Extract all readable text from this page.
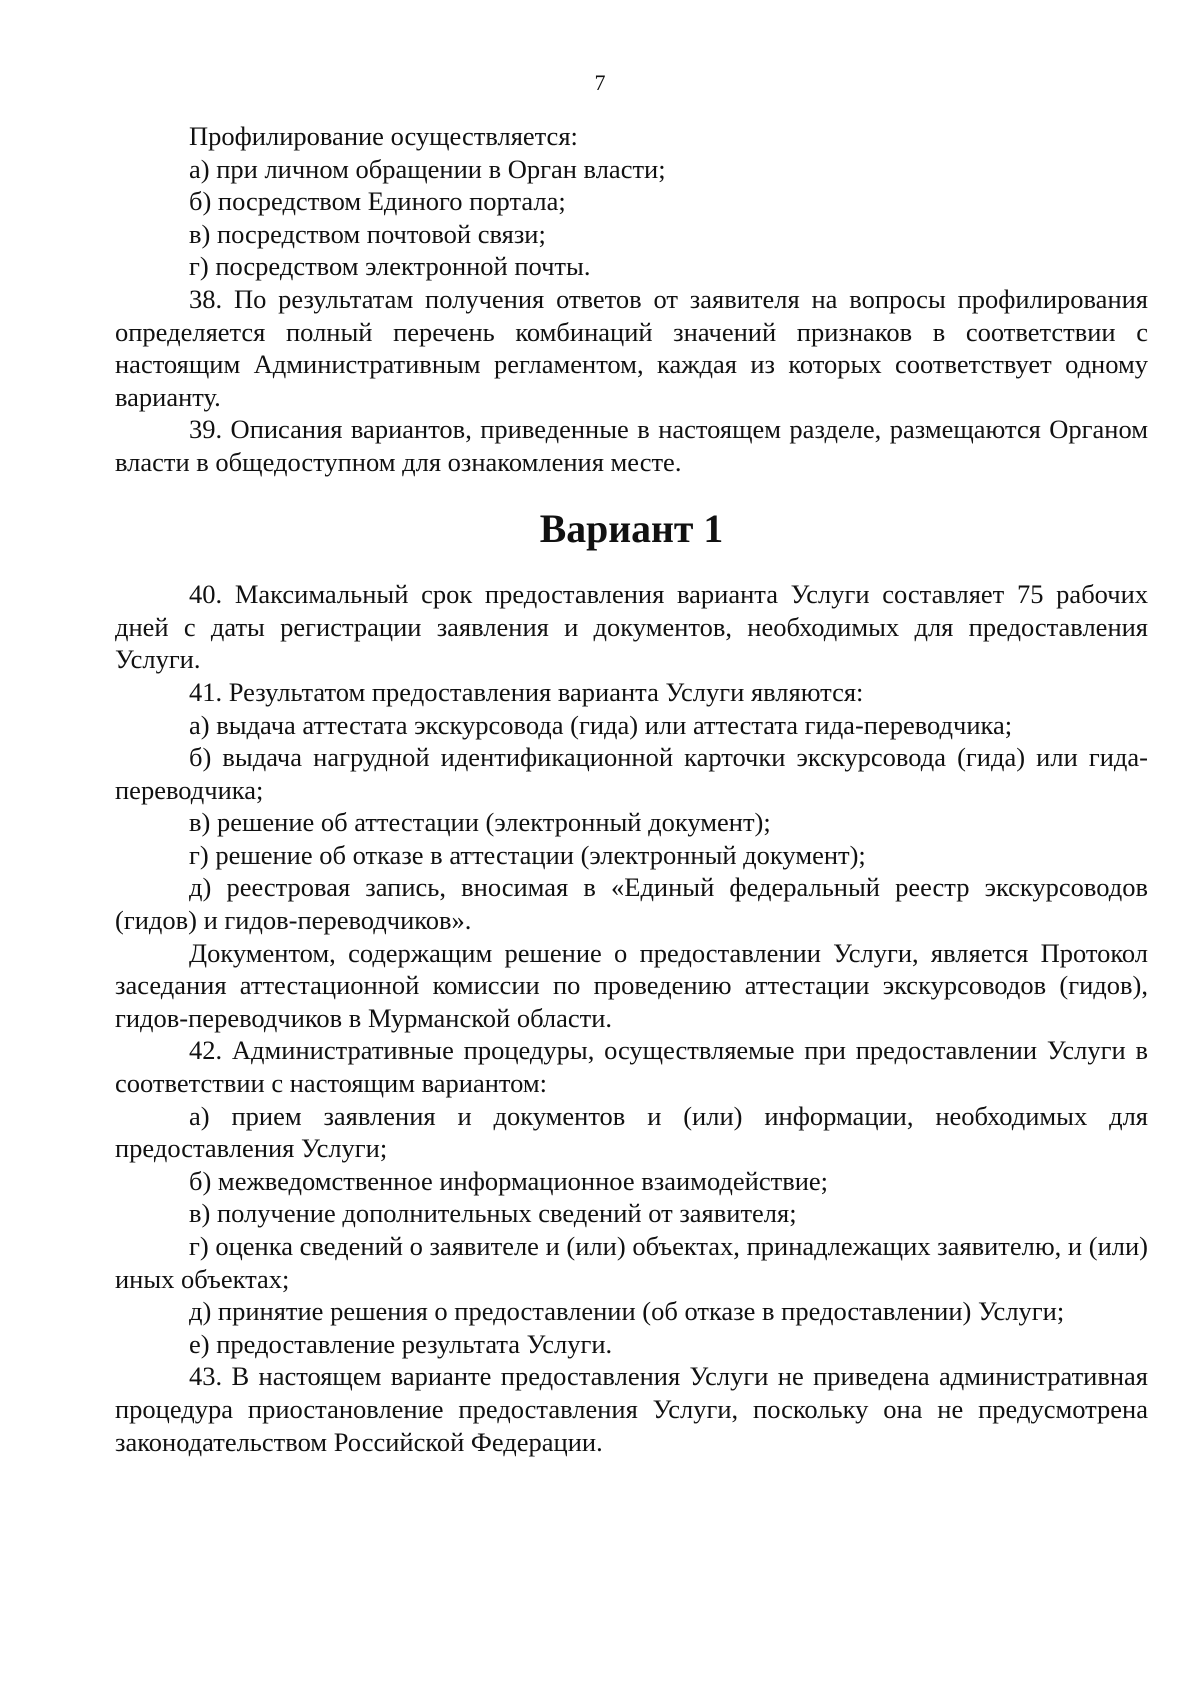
7

Профилирование осуществляется:

а) при личном обращении в Орган власти;

б) посредством Единого портала;

в) посредством почтовой связи;

г) посредством электронной почты.

38. По результатам получения ответов от заявителя на вопросы профилирования определяется полный перечень комбинаций значений признаков в соответствии с настоящим Административным регламентом, каждая из которых соответствует одному варианту.

39. Описания вариантов, приведенные в настоящем разделе, размещаются Органом власти в общедоступном для ознакомления месте.

Вариант 1

40. Максимальный срок предоставления варианта Услуги составляет 75 рабочих дней с даты регистрации заявления и документов, необходимых для предоставления Услуги.

41. Результатом предоставления варианта Услуги являются:

а) выдача аттестата экскурсовода (гида) или аттестата гида-переводчика;

б) выдача нагрудной идентификационной карточки экскурсовода (гида) или гида-переводчика;

в) решение об аттестации (электронный документ);

г) решение об отказе в аттестации (электронный документ);

д) реестровая запись, вносимая в «Единый федеральный реестр экскурсоводов (гидов) и гидов-переводчиков».

Документом, содержащим решение о предоставлении Услуги, является Протокол заседания аттестационной комиссии по проведению аттестации экскурсоводов (гидов), гидов-переводчиков в Мурманской области.

42. Административные процедуры, осуществляемые при предоставлении Услуги в соответствии с настоящим вариантом:

а) прием заявления и документов и (или) информации, необходимых для предоставления Услуги;

б) межведомственное информационное взаимодействие;

в) получение дополнительных сведений от заявителя;

г) оценка сведений о заявителе и (или) объектах, принадлежащих заявителю, и (или) иных объектах;

д) принятие решения о предоставлении (об отказе в предоставлении) Услуги;

е) предоставление результата Услуги.

43. В настоящем варианте предоставления Услуги не приведена административная процедура приостановление предоставления Услуги, поскольку она не предусмотрена законодательством Российской Федерации.
